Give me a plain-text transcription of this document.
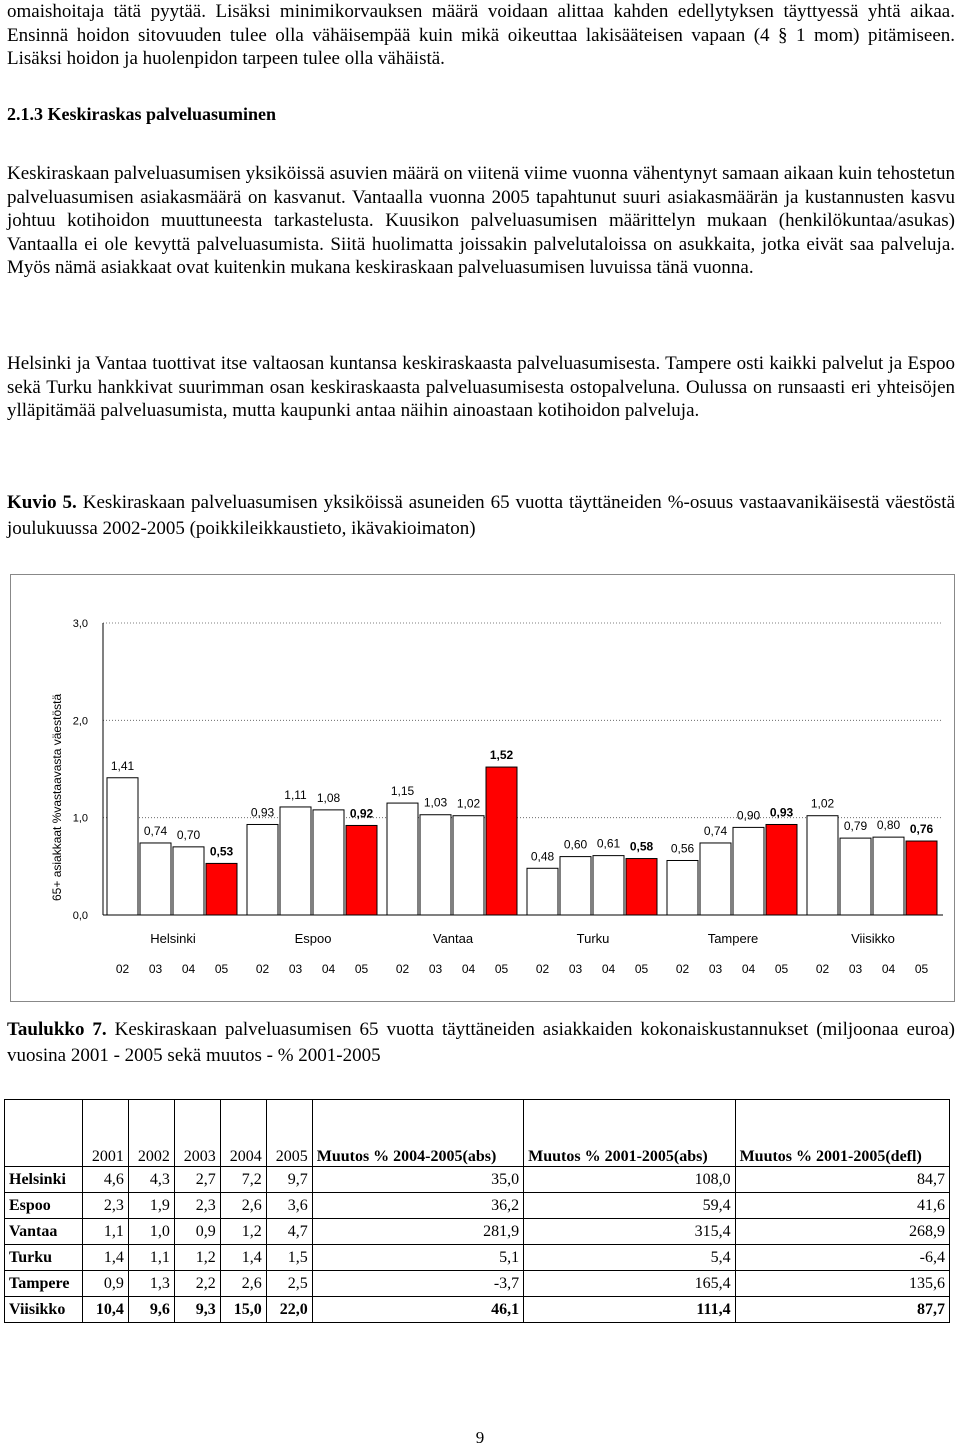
omaishoitaja tätä pyytää. Lisäksi minimikorvauksen määrä voidaan alittaa kahden edellytyksen täyttyessä yhtä aikaa. Ensinnä hoidon sitovuuden tulee olla vähäisempää kuin mikä oikeuttaa lakisääteisen vapaan (4 § 1 mom) pitämiseen. Lisäksi hoidon ja huolenpidon tarpeen tulee olla vähäistä.

2.1.3 Keskiraskas palveluasuminen

Keskiraskaan palveluasumisen yksiköissä asuvien määrä on viitenä viime vuonna vähentynyt samaan aikaan kuin tehostetun palveluasumisen asiakasmäärä on kasvanut. Vantaalla vuonna 2005 tapahtunut suuri asiakasmäärän ja kustannusten kasvu johtuu kotihoidon muuttuneesta tarkastelusta. Kuusikon palveluasumisen määrittelyn mukaan (henkilökuntaa/asukas) Vantaalla ei ole kevyttä palveluasumista. Siitä huolimatta joissakin palvelutaloissa on asukkaita, jotka eivät saa palveluja. Myös nämä asiakkaat ovat kuitenkin mukana keskiraskaan palveluasumisen luvuissa tänä vuonna.

Helsinki ja Vantaa tuottivat itse valtaosan kuntansa keskiraskaasta palveluasumisesta. Tampere osti kaikki palvelut ja Espoo sekä Turku hankkivat suurimman osan keskiraskaasta palveluasumisesta ostopalveluna. Oulussa on runsaasti eri yhteisöjen ylläpitämää palveluasumista, mutta kaupunki antaa näihin ainoastaan kotihoidon palveluja.

Kuvio 5. Keskiraskaan palveluasumisen yksiköissä asuneiden 65 vuotta täyttäneiden %-osuus vastaavanikäisestä väestöstä joulukuussa 2002-2005 (poikkileikkaustieto, ikävakioimaton)

0,0
1,0
2,0
3,0
65+ asiakkaat %vastaavasta väestöstä	1,41
02
0,74
03
0,70
04
0,53
05
Helsinki
0,93
02
1,11
03
1,08
04
0,92
05
Espoo
1,15
02
1,03
03
1,02
04
1,52
05
Vantaa
0,48
02
0,60
03
0,61
04
0,58
05
Turku
0,56
02
0,74
03
0,90
04
0,93
05
Tampere
1,02
02
0,79
03
0,80
04
0,76
05
Viisikko

Taulukko 7. Keskiraskaan palveluasumisen 65 vuotta täyttäneiden asiakkaiden kokonaiskustannukset (miljoonaa euroa) vuosina 2001 - 2005 sekä muutos - % 2001-2005

	2001	2002	2003	2004	2005	Muutos % 2004-2005(abs)	Muutos % 2001-2005(abs)	Muutos % 2001-2005(defl)
Helsinki	4,6	4,3	2,7	7,2	9,7	35,0	108,0	84,7
Espoo	2,3	1,9	2,3	2,6	3,6	36,2	59,4	41,6
Vantaa	1,1	1,0	0,9	1,2	4,7	281,9	315,4	268,9
Turku	1,4	1,1	1,2	1,4	1,5	5,1	5,4	-6,4
Tampere	0,9	1,3	2,2	2,6	2,5	-3,7	165,4	135,6
Viisikko	10,4	9,6	9,3	15,0	22,0	46,1	111,4	87,7
9
